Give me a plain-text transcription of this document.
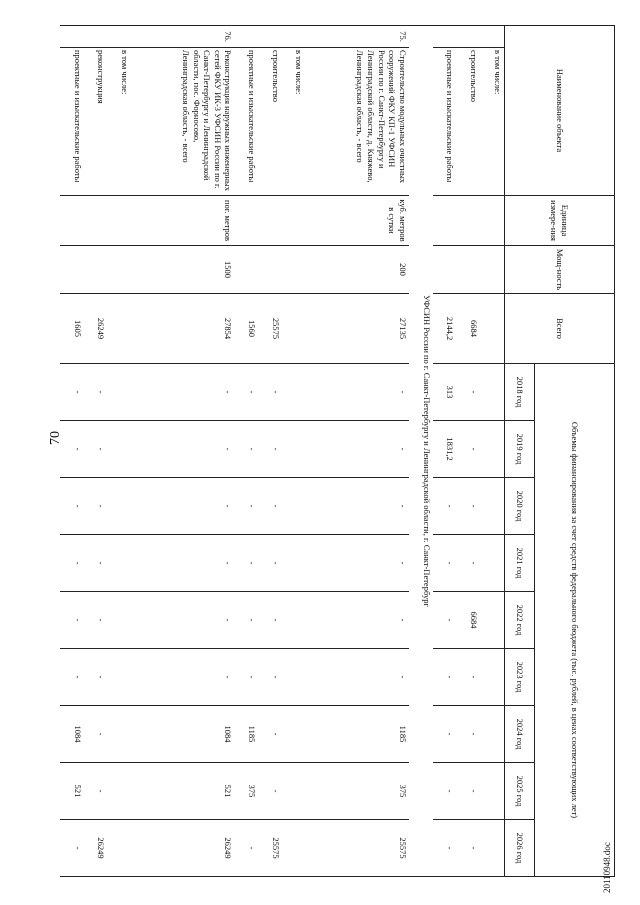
70
Наименование объекта		Единица измере-ния	Мощ-ность	Всего	Объемы финансирования за счет средств федерального бюджета (тыс. рублей, в ценах соответствующих лет)								
					2018 год	2019 год	2020 год	2021 год	2022 год	2023 год	2024 год	2025 год	2026 год
	в том числе:												
	строительство			6684	-	-	-	-	6684	-	-	-	-
	проектные и изыскательские работы			2144,2	313	1831,2	-	-	-	-	-	-	-
УФСИН России по г. Санкт-Петербургу и Ленинградской области, г. Санкт-Петербург													
75.	Строительство модульных очистных сооружений ФКУ КП-1 УФСИН России по г. Санкт-Петербургу и Ленинградской области, д. Княжево, Ленинградская область, - всего	куб. метров в сутки	200	27135	-	-	-	-	-	-	1185	375	25575
	в том числе:												
	строительство			25575	-	-	-	-	-	-	-	-	25575
	проектные и изыскательские работы			1560	-	-	-	-	-	-	1185	375	-
76.	Реконструкция наружных инженерных сетей ФКУ ИК-3 УФСИН России по г. Санкт-Петербургу и Ленинградской области, пос. Форносово, Ленинградская область, - всего	пог. метров	1500	27854	-	-	-	-	-	-	1084	521	26249
	в том числе:												
	реконструкция			26249	-	-	-	-	-	-	-	-	26249
	проектные и изыскательские работы			1605	-	-	-	-	-	-	1084	521	-	20110948.doc
